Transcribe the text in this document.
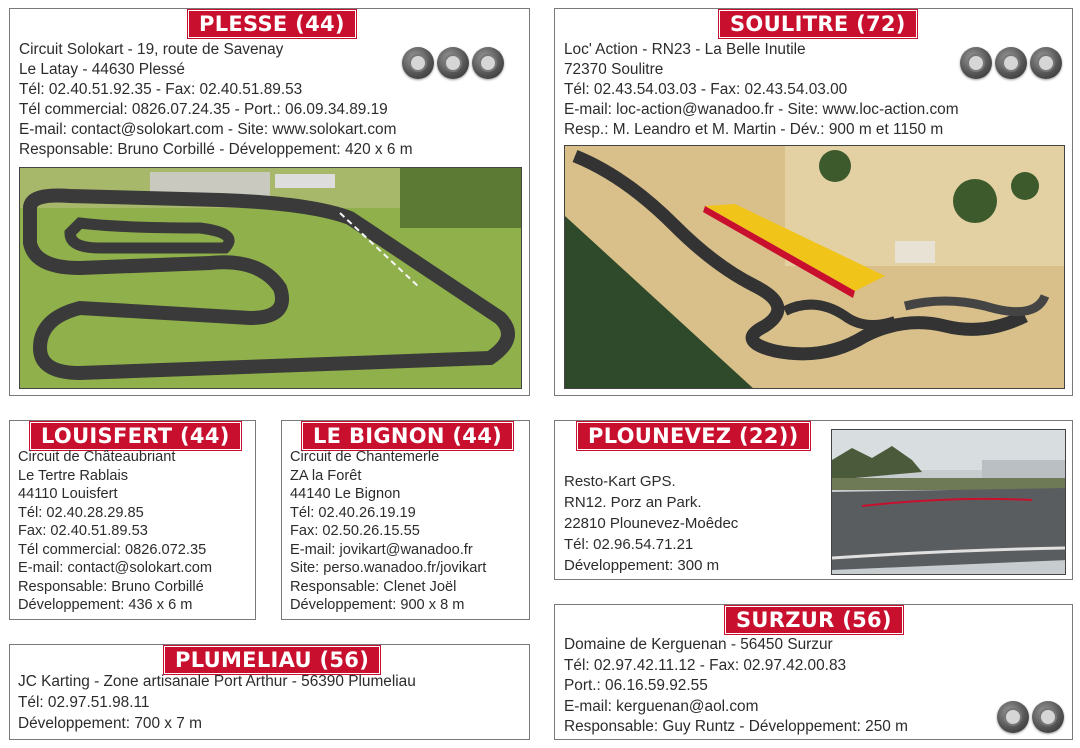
PLESSE (44)
Circuit Solokart - 19, route de Savenay
Le Latay - 44630 Plessé
Tél: 02.40.51.92.35 - Fax: 02.40.51.89.53
Tél commercial: 0826.07.24.35 - Port.: 06.09.34.89.19
E-mail: contact@solokart.com - Site: www.solokart.com
Responsable: Bruno Corbillé - Développement: 420 x 6 m
SOULITRE (72)
Loc' Action - RN23 - La Belle Inutile
72370 Soulitre
Tél: 02.43.54.03.03 - Fax: 02.43.54.03.00
E-mail: loc-action@wanadoo.fr - Site: www.loc-action.com
Resp.: M. Leandro et M. Martin - Dév.: 900 m et 1150 m
LOUISFERT (44)
Circuit de Châteaubriant
Le Tertre Rablais
44110 Louisfert
Tél: 02.40.28.29.85
Fax: 02.40.51.89.53
Tél commercial: 0826.072.35
E-mail: contact@solokart.com
Responsable: Bruno Corbillé
Développement: 436 x 6 m
LE BIGNON (44)
Circuit de Chantemerle
ZA la Forêt
44140 Le Bignon
Tél: 02.40.26.19.19
Fax: 02.50.26.15.55
E-mail: jovikart@wanadoo.fr
Site: perso.wanadoo.fr/jovikart
Responsable: Clenet Joël
Développement: 900 x 8 m
PLOUNEVEZ (22))
Resto-Kart GPS.
RN12. Porz an Park.
22810 Plounevez-Moêdec
Tél: 02.96.54.71.21
Développement: 300 m
PLUMELIAU (56)
JC Karting - Zone artisanale Port Arthur - 56390 Plumeliau
Tél: 02.97.51.98.11
Développement: 700 x 7 m
SURZUR (56)
Domaine de Kerguenan - 56450 Surzur
Tél: 02.97.42.11.12 - Fax: 02.97.42.00.83
Port.: 06.16.59.92.55
E-mail: kerguenan@aol.com
Responsable: Guy Runtz - Développement: 250 m
